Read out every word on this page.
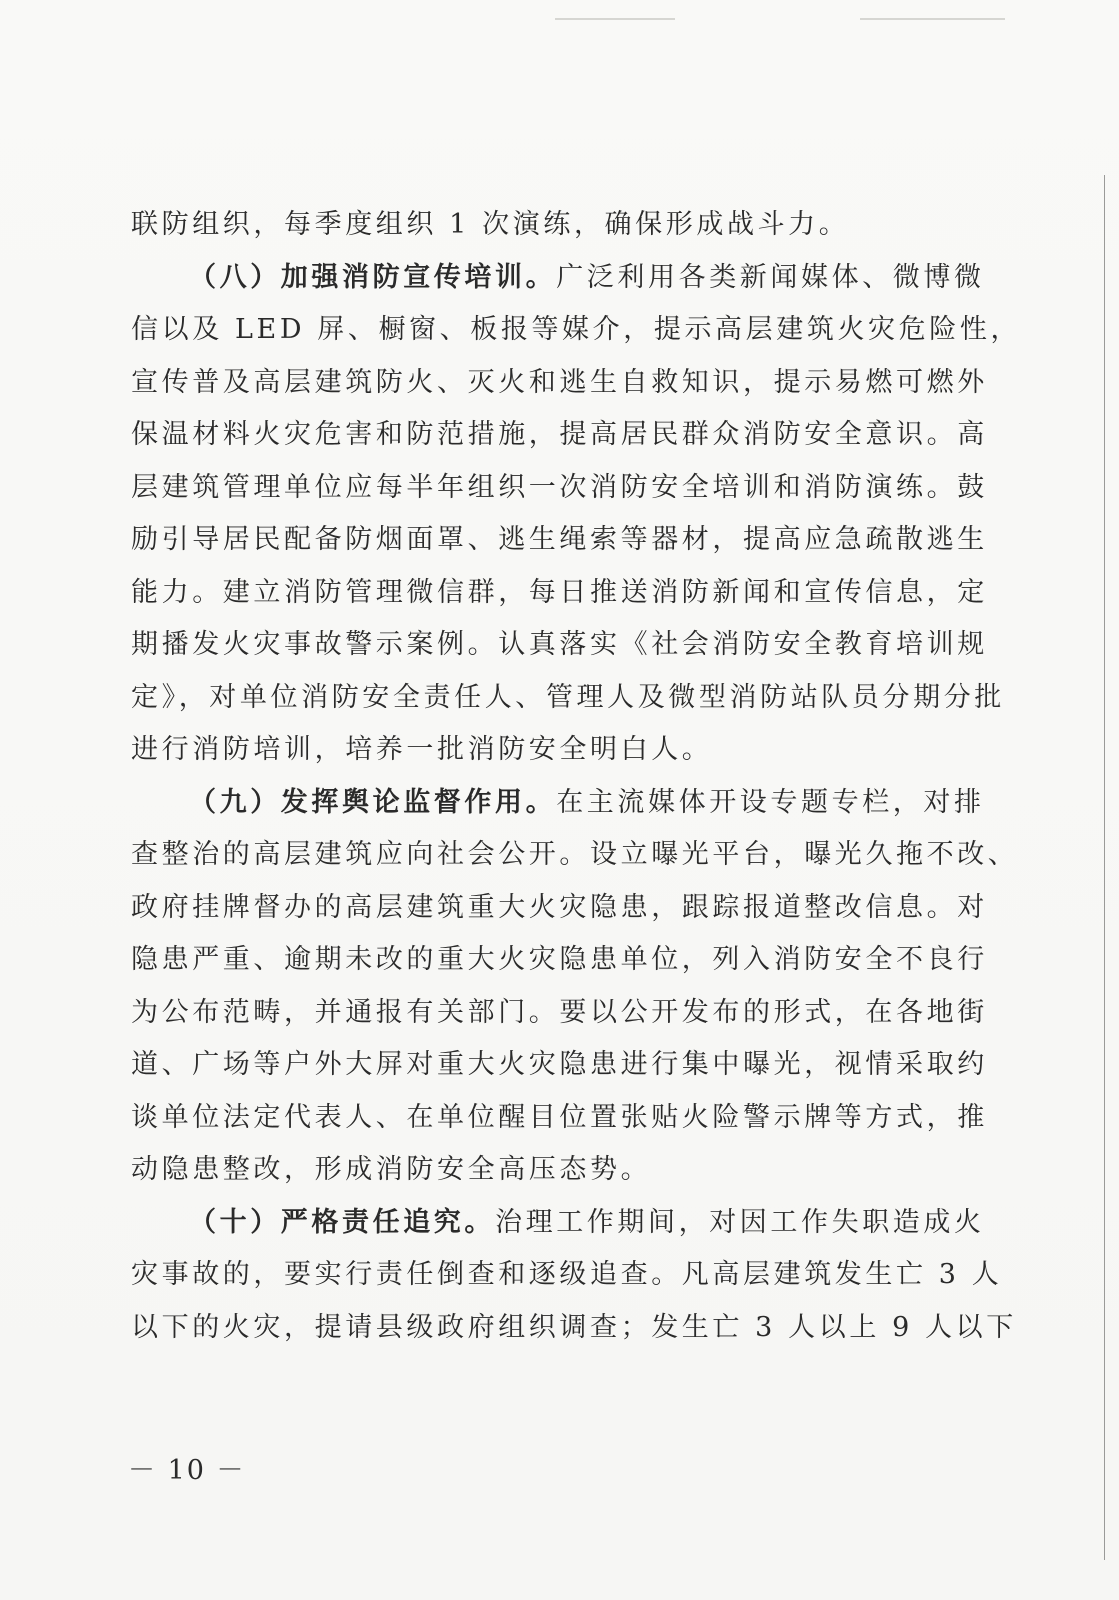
联防组织，每季度组织 1 次演练，确保形成战斗力。
（八）加强消防宣传培训。广泛利用各类新闻媒体、微博微
信以及 LED 屏、橱窗、板报等媒介，提示高层建筑火灾危险性，
宣传普及高层建筑防火、灭火和逃生自救知识，提示易燃可燃外
保温材料火灾危害和防范措施，提高居民群众消防安全意识。高
层建筑管理单位应每半年组织一次消防安全培训和消防演练。鼓
励引导居民配备防烟面罩、逃生绳索等器材，提高应急疏散逃生
能力。建立消防管理微信群，每日推送消防新闻和宣传信息，定
期播发火灾事故警示案例。认真落实《社会消防安全教育培训规
定》，对单位消防安全责任人、管理人及微型消防站队员分期分批
进行消防培训，培养一批消防安全明白人。
（九）发挥舆论监督作用。在主流媒体开设专题专栏，对排
查整治的高层建筑应向社会公开。设立曝光平台，曝光久拖不改、
政府挂牌督办的高层建筑重大火灾隐患，跟踪报道整改信息。对
隐患严重、逾期未改的重大火灾隐患单位，列入消防安全不良行
为公布范畴，并通报有关部门。要以公开发布的形式，在各地街
道、广场等户外大屏对重大火灾隐患进行集中曝光，视情采取约
谈单位法定代表人、在单位醒目位置张贴火险警示牌等方式，推
动隐患整改，形成消防安全高压态势。
（十）严格责任追究。治理工作期间，对因工作失职造成火
灾事故的，要实行责任倒查和逐级追查。凡高层建筑发生亡 3 人
以下的火灾，提请县级政府组织调查；发生亡 3 人以上 9 人以下
－ 10 －
